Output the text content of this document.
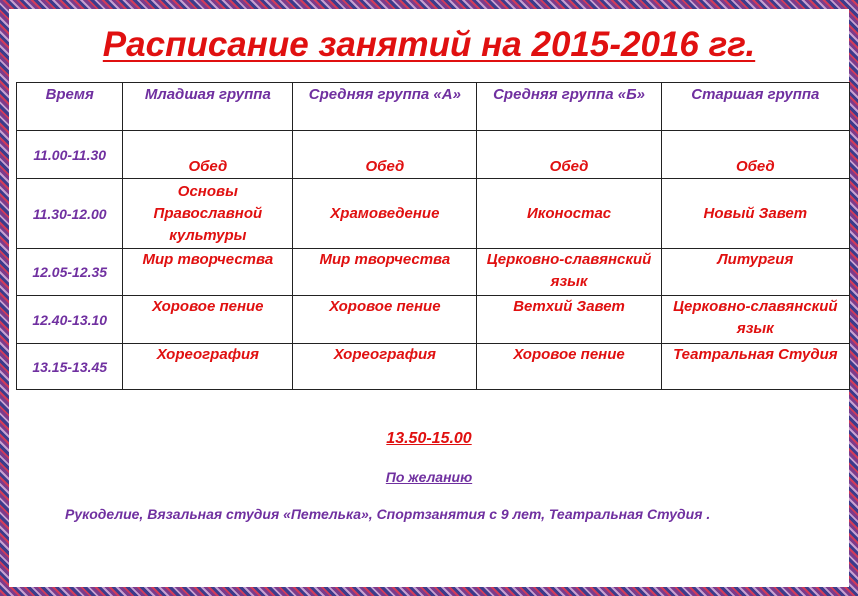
Расписание занятий на 2015-2016 гг.
Время	Младшая группа	Средняя группа «А»	Средняя группа «Б»	Старшая группа
11.00-11.30	Обед	Обед	Обед	Обед
11.30-12.00	Основы Православной культуры	Храмоведение	Иконостас	Новый Завет
12.05-12.35	Мир творчества	Мир творчества	Церковно-славянский язык	Литургия
12.40-13.10	Хоровое пение	Хоровое пение	Ветхий Завет	Церковно-славянский язык
13.15-13.45	Хореография	Хореография	Хоровое пение	Театральная Студия
13.50-15.00
По желанию
Рукоделие, Вязальная студия «Петелька», Спортзанятия с 9 лет, Театральная Студия .
